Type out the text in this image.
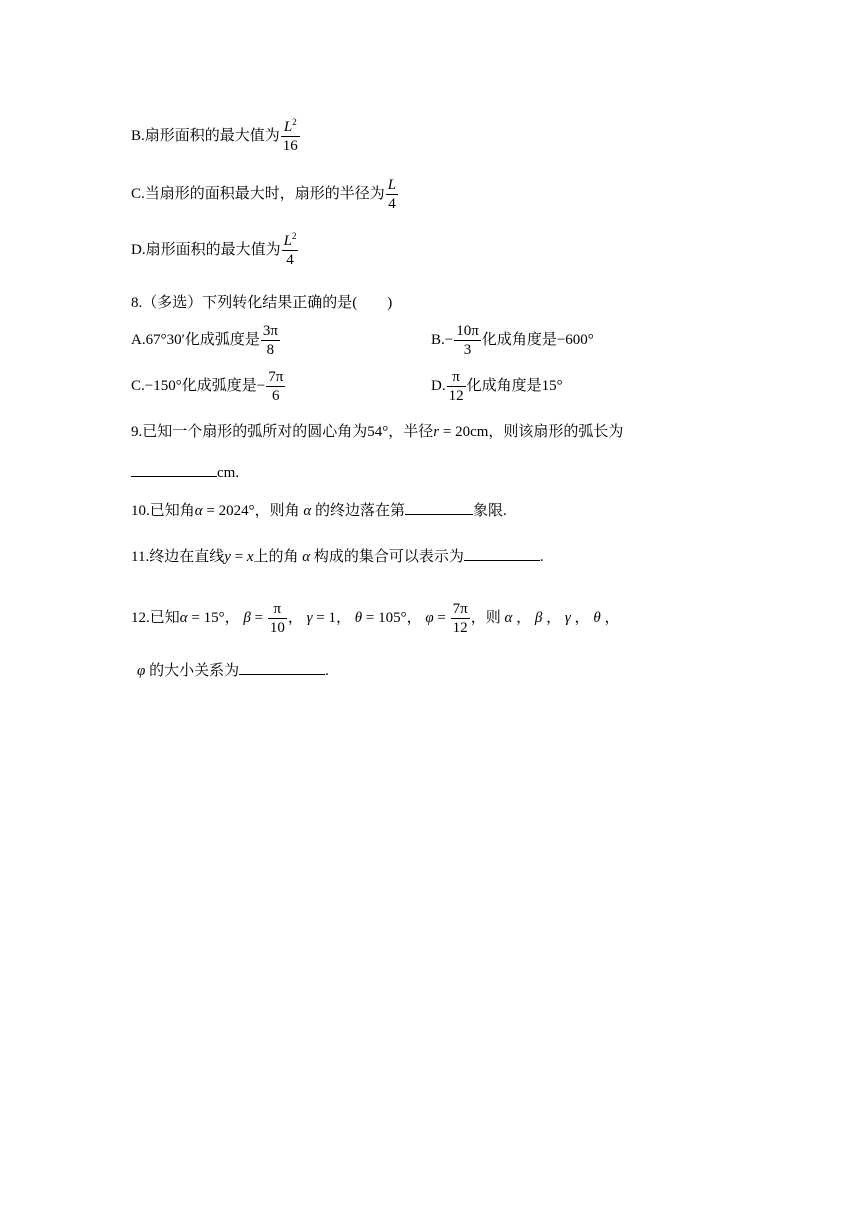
B.扇形面积的最大值为 $\frac{L^2}{16}$
C.当扇形的面积最大时，扇形的半径为 $\frac{L}{4}$
D.扇形面积的最大值为 $\frac{L^2}{4}$
8.（多选）下列转化结果正确的是(　　)
A.67°30′化成弧度是 $\frac{3\pi}{8}$	$B.- \frac{10\pi}{3}$ 化成角度是−600°
C.−150°化成弧度是− $\frac{7\pi}{6}$	D. $\frac{\pi}{12}$ 化成角度是15°
9.已知一个扇形的弧所对的圆心角为54°，半径r = 20cm，则该扇形的弧长为
cm.
10.已知角α = 2024°，则角 α 的终边落在第	象限.
11.终边在直线y = x上的角 α 构成的集合可以表示为	.
12.已知α = 15°， $\beta = \frac{\pi}{10}$ ， γ = 1， θ = 105°， $\varphi = \frac{7\pi}{12}$ ，则 α ， β ， γ ， θ ，
φ 的大小关系为	.
